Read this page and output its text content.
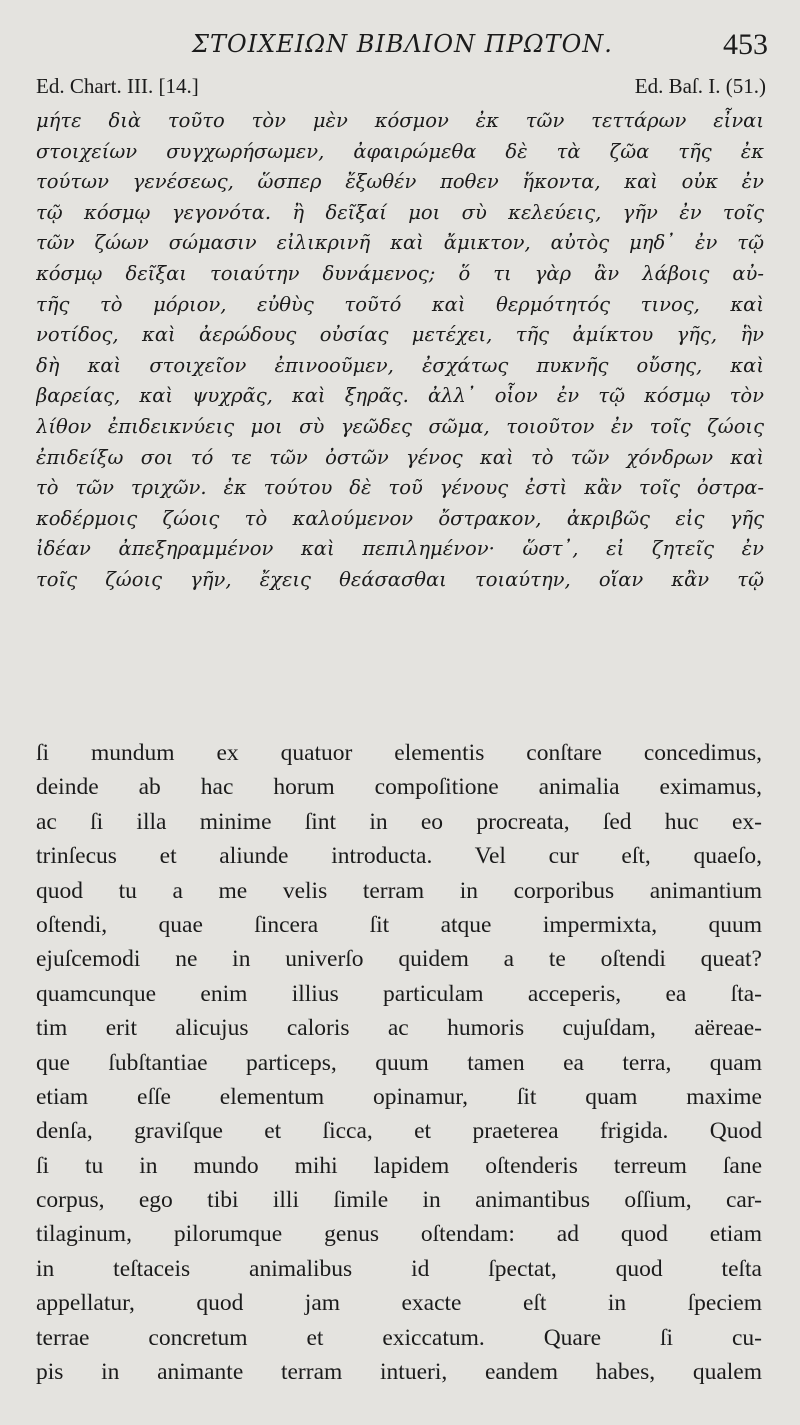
ΣΤΟΙΧΕΙΩΝ ΒΙΒΛΙΟΝ ΠΡΩΤΟΝ.	453
Ed. Chart. III. [14.]	Ed. Baſ. I. (51.)
μήτε διὰ τοῦτο τὸν μὲν κόσμον ἐκ τῶν τεττάρων εἶναι
στοιχείων συγχωρήσωμεν, ἀφαιρώμεθα δὲ τὰ ζῶα τῆς ἐκ
τούτων γενέσεως, ὥσπερ ἔξωθέν ποθεν ἥκοντα, καὶ οὐκ ἐν
τῷ κόσμῳ γεγονότα. ἢ δεῖξαί μοι σὺ κελεύεις, γῆν ἐν τοῖς
τῶν ζώων σώμασιν εἰλικρινῆ καὶ ἄμικτον, αὐτὸς μηδ᾽ ἐν τῷ
κόσμῳ δεῖξαι τοιαύτην δυνάμενος; ὅ τι γὰρ ἂν λάβοις αὐ-
τῆς τὸ μόριον, εὐθὺς τοῦτό καὶ θερμότητός τινος, καὶ
νοτίδος, καὶ ἀερώδους οὐσίας μετέχει, τῆς ἀμίκτου γῆς, ἣν
δὴ καὶ στοιχεῖον ἐπινοοῦμεν, ἐσχάτως πυκνῆς οὔσης, καὶ
βαρείας, καὶ ψυχρᾶς, καὶ ξηρᾶς. ἀλλ᾽ οἷον ἐν τῷ κόσμῳ τὸν
λίθον ἐπιδεικνύεις μοι σὺ γεῶδες σῶμα, τοιοῦτον ἐν τοῖς ζώοις
ἐπιδείξω σοι τό τε τῶν ὀστῶν γένος καὶ τὸ τῶν χόνδρων καὶ
τὸ τῶν τριχῶν. ἐκ τούτου δὲ τοῦ γένους ἐστὶ κἂν τοῖς ὀστρα-
κοδέρμοις ζώοις τὸ καλούμενον ὄστρακον, ἀκριβῶς εἰς γῆς
ἰδέαν ἀπεξηραμμένον καὶ πεπιλημένον· ὥστ᾽, εἰ ζητεῖς ἐν
τοῖς ζώοις γῆν, ἔχεις θεάσασθαι τοιαύτην, οἵαν κἂν τῷ
ſi mundum ex quatuor elementis conſtare concedimus,
deinde ab hac horum compoſitione animalia eximamus,
ac ſi illa minime ſint in eo procreata, ſed huc ex-
trinſecus et aliunde introducta. Vel cur eſt, quaeſo,
quod tu a me velis terram in corporibus animantium
oſtendi, quae ſincera ſit atque impermixta, quum
ejuſcemodi ne in univerſo quidem a te oſtendi queat?
quamcunque enim illius particulam acceperis, ea ſta-
tim erit alicujus caloris ac humoris cujuſdam, aëreae-
que ſubſtantiae particeps, quum tamen ea terra, quam
etiam eſſe elementum opinamur, ſit quam maxime
denſa, graviſque et ſicca, et praeterea frigida. Quod
ſi tu in mundo mihi lapidem oſtenderis terreum ſane
corpus, ego tibi illi ſimile in animantibus oſſium, car-
tilaginum, pilorumque genus oſtendam: ad quod etiam
in teſtaceis animalibus id ſpectat, quod teſta
appellatur, quod jam exacte eſt in ſpeciem
terrae concretum et exiccatum. Quare ſi cu-
pis in animante terram intueri, eandem habes, qualem
